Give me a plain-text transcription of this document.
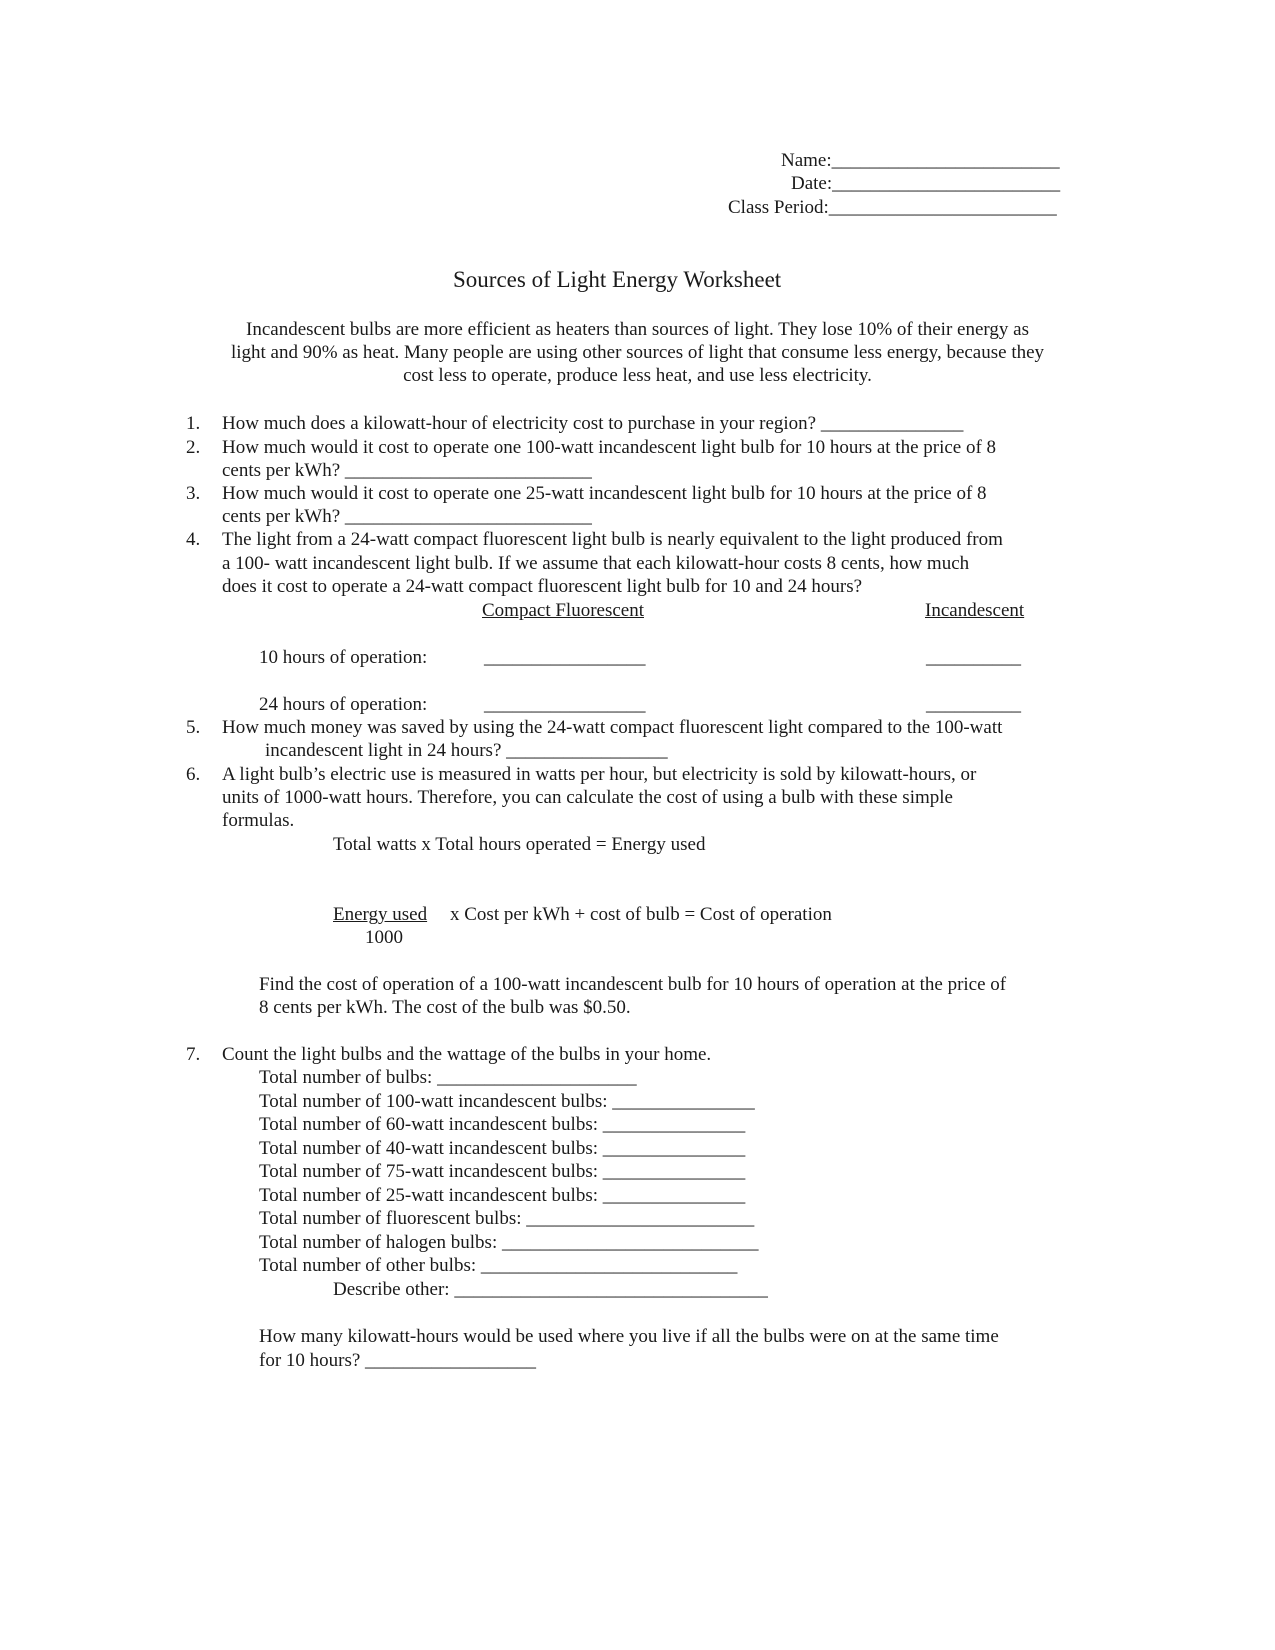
Name:________________________
Date:________________________
Class Period:________________________
Sources of Light Energy Worksheet
Incandescent bulbs are more efficient as heaters than sources of light. They lose 10% of their energy as
light and 90% as heat. Many people are using other sources of light that consume less energy, because they
cost less to operate, produce less heat, and use less electricity.
1. How much does a kilowatt-hour of electricity cost to purchase in your region? _______________
2. How much would it cost to operate one 100-watt incandescent light bulb for 10 hours at the price of 8
cents per kWh? __________________________
3. How much would it cost to operate one 25-watt incandescent light bulb for 10 hours at the price of 8
cents per kWh? __________________________
4. The light from a 24-watt compact fluorescent light bulb is nearly equivalent to the light produced from
a 100- watt incandescent light bulb. If we assume that each kilowatt-hour costs 8 cents, how much
does it cost to operate a 24-watt compact fluorescent light bulb for 10 and 24 hours?
Compact Fluorescent	Incandescent
10 hours of operation:	_________________	__________
24 hours of operation:	_________________	__________
5. How much money was saved by using the 24-watt compact fluorescent light compared to the 100-watt
incandescent light in 24 hours? _________________
6. A light bulb’s electric use is measured in watts per hour, but electricity is sold by kilowatt-hours, or
units of 1000-watt hours. Therefore, you can calculate the cost of using a bulb with these simple
formulas.
Total watts x Total hours operated = Energy used
Energy used x Cost per kWh + cost of bulb = Cost of operation
1000
Find the cost of operation of a 100-watt incandescent bulb for 10 hours of operation at the price of
8 cents per kWh. The cost of the bulb was $0.50.
7. Count the light bulbs and the wattage of the bulbs in your home.
Total number of bulbs: _____________________
Total number of 100-watt incandescent bulbs: _______________
Total number of 60-watt incandescent bulbs: _______________
Total number of 40-watt incandescent bulbs: _______________
Total number of 75-watt incandescent bulbs: _______________
Total number of 25-watt incandescent bulbs: _______________
Total number of fluorescent bulbs: ________________________
Total number of halogen bulbs: ___________________________
Total number of other bulbs: ___________________________
Describe other: _________________________________
How many kilowatt-hours would be used where you live if all the bulbs were on at the same time
for 10 hours? __________________
